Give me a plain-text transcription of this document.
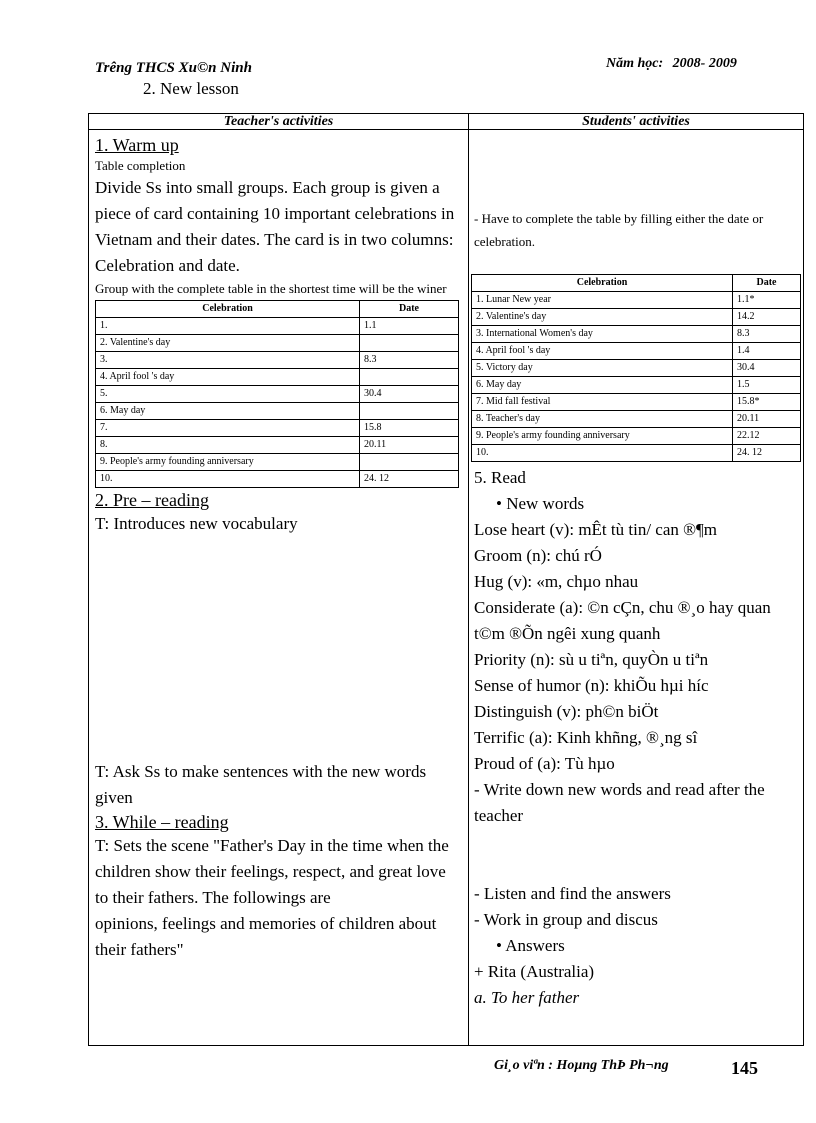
Trêng THCS Xu©n Ninh	Năm học: 2008- 2009
2. New lesson
Teacher's activities	Students' activities
1. Warm up
Table completion
Divide Ss into small groups. Each group is given a piece of card containing 10 important celebrations in Vietnam and their dates. The card is in two columns: Celebration and date.
Group with the complete table in the shortest time will be the winer
Celebration	Date
1.	1.1
2. Valentine's day	
3.	8.3
4. April fool 's day	
5.	30.4
6. May day	
7.	15.8
8.	20.11
9. People's army founding anniversary	
10.	24. 12
2. Pre – reading
T: Introduces new vocabulary
T: Ask Ss to make sentences with the new words given
3. While – reading
T: Sets the scene "Father's Day in the time when the children show their feelings, respect, and great love to their fathers. The followings are
opinions, feelings and memories of children about their fathers"
- Have to complete the table by filling either the date or celebration.
Celebration	Date
1. Lunar New year	1.1*
2. Valentine's day	14.2
3. International Women's day	8.3
4. April fool 's day	1.4
5. Victory day	30.4
6. May day	1.5
7. Mid fall festival	15.8*
8. Teacher's day	20.11
9. People's army founding anniversary	22.12
10.	24. 12
5. Read
• New words
Lose heart (v): mÊt tù tin/ can ®¶m
Groom (n): chú rÓ
Hug (v): «m, chµo nhau
Considerate (a): ©n cÇn, chu ®¸o hay quan t©m ®Õn ngêi xung quanh
Priority (n): sù u tiªn, quyÒn u tiªn
Sense of humor (n): khiÕu hµi híc
Distinguish (v): ph©n biÖt
Terrific (a): Kinh khñng, ®¸ng sî
Proud of (a): Tù hµo
- Write down new words and read after the teacher
- Listen and find the answers
- Work in group and discus
• Answers
+ Rita (Australia)
a. To her father
Gi¸o viªn : Hoµng ThÞ Ph¬ng	145
